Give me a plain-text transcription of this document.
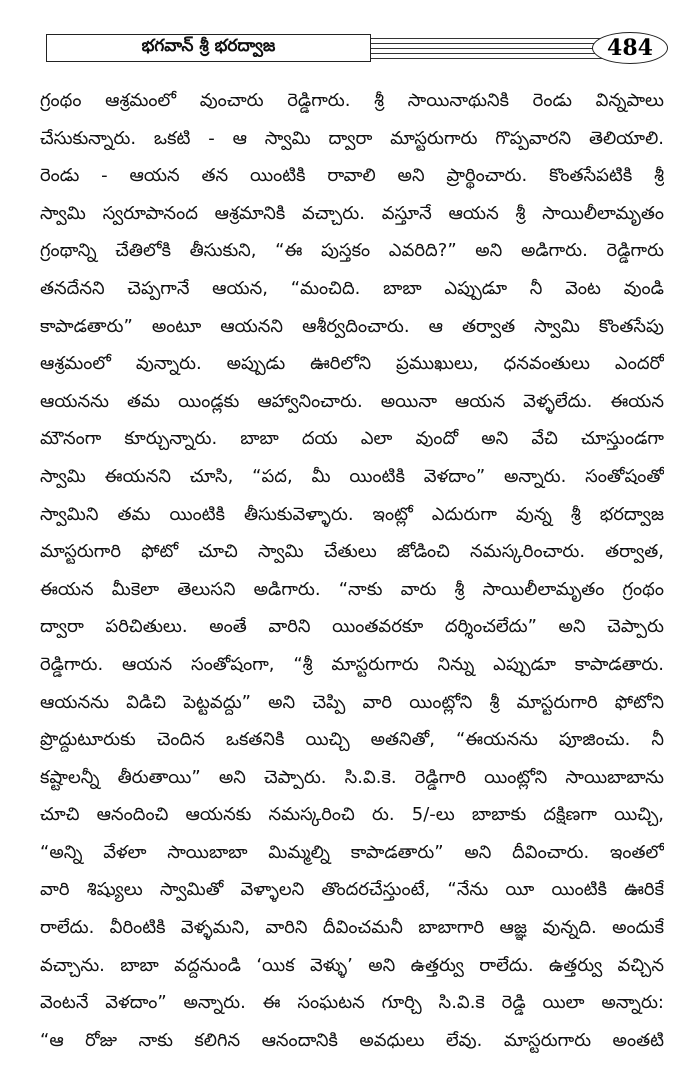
భగవాన్ శ్రీ భరద్వాజ	484
గ్రంథం ఆశ్రమంలో వుంచారు రెడ్డిగారు. శ్రీ సాయినాథునికి రెండు విన్నపాలు
చేసుకున్నారు. ఒకటి - ఆ స్వామి ద్వారా మాస్టరుగారు గొప్పవారని తెలియాలి.
రెండు - ఆయన తన యింటికి రావాలి అని ప్రార్థించారు. కొంతసేపటికి శ్రీ
స్వామి స్వరూపానంద ఆశ్రమానికి వచ్చారు. వస్తూనే ఆయన శ్రీ సాయిలీలామృతం
గ్రంథాన్ని చేతిలోకి తీసుకుని, “ఈ పుస్తకం ఎవరిది?” అని అడిగారు. రెడ్డిగారు
తనదేనని చెప్పగానే ఆయన, “మంచిది. బాబా ఎప్పుడూ నీ వెంట వుండి
కాపాడతారు” అంటూ ఆయనని ఆశీర్వదించారు. ఆ తర్వాత స్వామి కొంతసేపు
ఆశ్రమంలో వున్నారు. అప్పుడు ఊరిలోని ప్రముఖులు, ధనవంతులు ఎందరో
ఆయనను తమ యిండ్లకు ఆహ్వానించారు. అయినా ఆయన వెళ్ళలేదు. ఈయన
మౌనంగా కూర్చున్నారు. బాబా దయ ఎలా వుందో అని వేచి చూస్తుండగా
స్వామి ఈయనని చూసి, “పద, మీ యింటికి వెళదాం” అన్నారు. సంతోషంతో
స్వామిని తమ యింటికి తీసుకువెళ్ళారు. ఇంట్లో ఎదురుగా వున్న శ్రీ భరద్వాజ
మాస్టరుగారి ఫోటో చూచి స్వామి చేతులు జోడించి నమస్కరించారు. తర్వాత,
ఈయన మీకెలా తెలుసని అడిగారు. “నాకు వారు శ్రీ సాయిలీలామృతం గ్రంథం
ద్వారా పరిచితులు. అంతే వారిని యింతవరకూ దర్శించలేదు” అని చెప్పారు
రెడ్డిగారు. ఆయన సంతోషంగా, “శ్రీ మాస్టరుగారు నిన్ను ఎప్పుడూ కాపాడతారు.
ఆయనను విడిచి పెట్టవద్దు” అని చెప్పి వారి యింట్లోని శ్రీ మాస్టరుగారి ఫోటోని
ప్రొద్దుటూరుకు చెందిన ఒకతనికి యిచ్చి అతనితో, “ఈయనను పూజించు. నీ
కష్టాలన్నీ తీరుతాయి” అని చెప్పారు. సి.వి.కె. రెడ్డిగారి యింట్లోని సాయిబాబాను
చూచి ఆనందించి ఆయనకు నమస్కరించి రు. 5/-లు బాబాకు దక్షిణగా యిచ్చి,
“అన్ని వేళలా సాయిబాబా మిమ్మల్ని కాపాడతారు” అని దీవించారు. ఇంతలో
వారి శిష్యులు స్వామితో వెళ్ళాలని తొందరచేస్తుంటే, “నేను యీ యింటికి ఊరికే
రాలేదు. వీరింటికి వెళ్ళమని, వారిని దీవించమనీ బాబాగారి ఆజ్ఞ వున్నది. అందుకే
వచ్చాను. బాబా వద్దనుండి ‘యిక వెళ్ళు’ అని ఉత్తర్వు రాలేదు. ఉత్తర్వు వచ్చిన
వెంటనే వెళదాం” అన్నారు. ఈ సంఘటన గూర్చి సి.వి.కె రెడ్డి యిలా అన్నారు:
“ఆ రోజు నాకు కలిగిన ఆనందానికి అవధులు లేవు. మాస్టరుగారు అంతటి
